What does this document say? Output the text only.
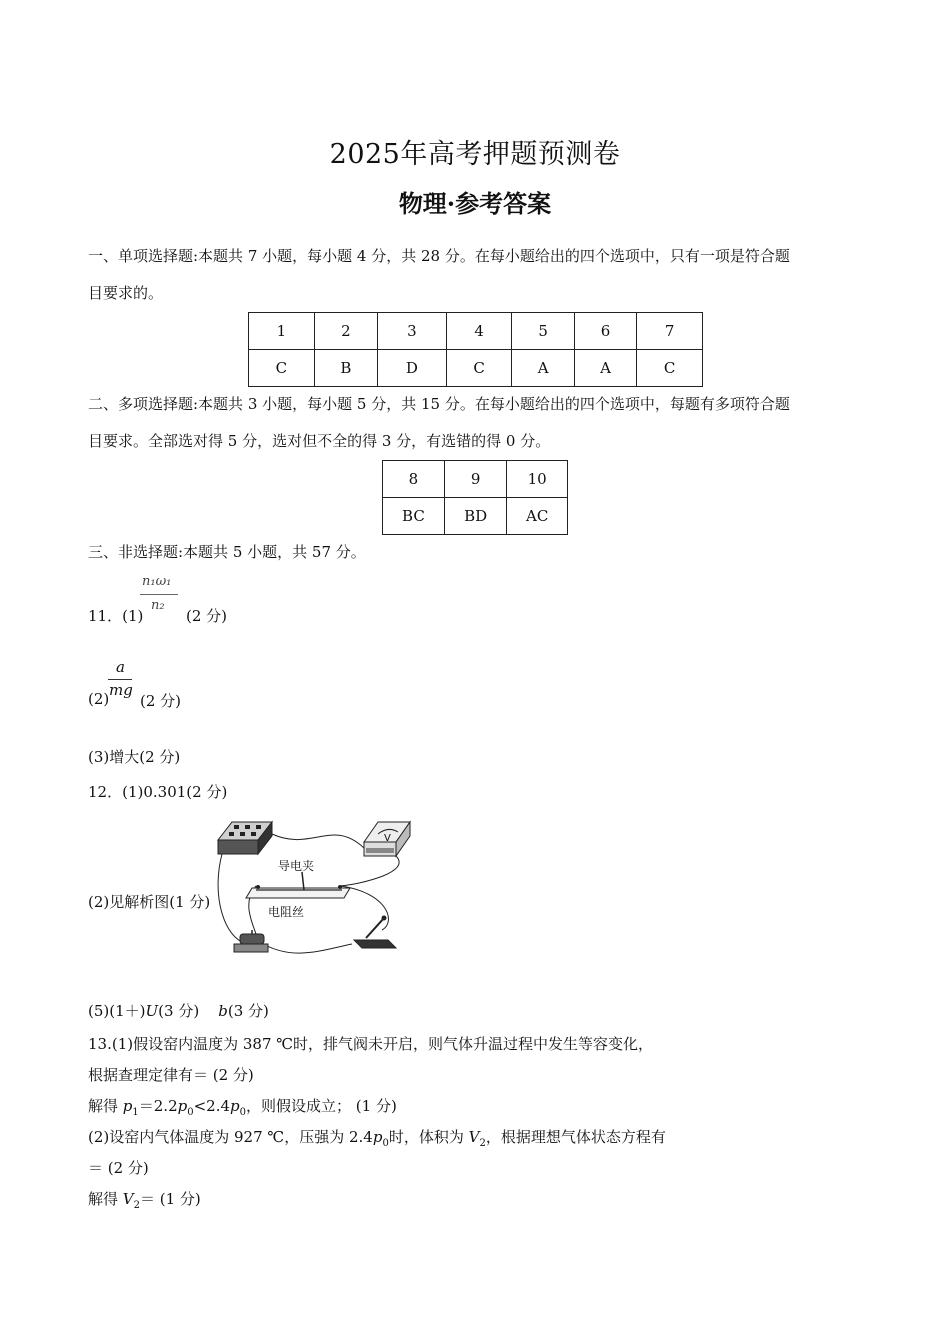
2025年高考押题预测卷
物理·参考答案
一、单项选择题:本题共 7 小题，每小题 4 分，共 28 分。在每小题给出的四个选项中，只有一项是符合题
目要求的。
1	2	3	4	5	6	7
C	B	D	C	A	A	C
二、多项选择题:本题共 3 小题，每小题 5 分，共 15 分。在每小题给出的四个选项中，每题有多项符合题
目要求。全部选对得 5 分，选对但不全的得 3 分，有选错的得 0 分。
8	9	10
BC	BD	AC
三、非选择题:本题共 5 小题，共 57 分。
11．(1)
n₁ω₁
n₂
(2 分)
(2)
a
mg
(2 分)
(3)增大(2 分)
12．(1)0.301(2 分)
(2)见解析图(1 分)
V
导电夹
电阻丝
(5)(1＋)U(3 分) b(3 分)
13.(1)假设窑内温度为 387 ℃时，排气阀未开启，则气体升温过程中发生等容变化，
根据查理定律有＝ (2 分)
解得 $p_1=2.2p_0<2.4p_0$，则假设成立； (1 分)
(2)设窑内气体温度为 927 ℃，压强为 $2.4p_0$时，体积为 $V_2$，根据理想气体状态方程有
＝ (2 分)
解得 $V_2= (1$ 分)
